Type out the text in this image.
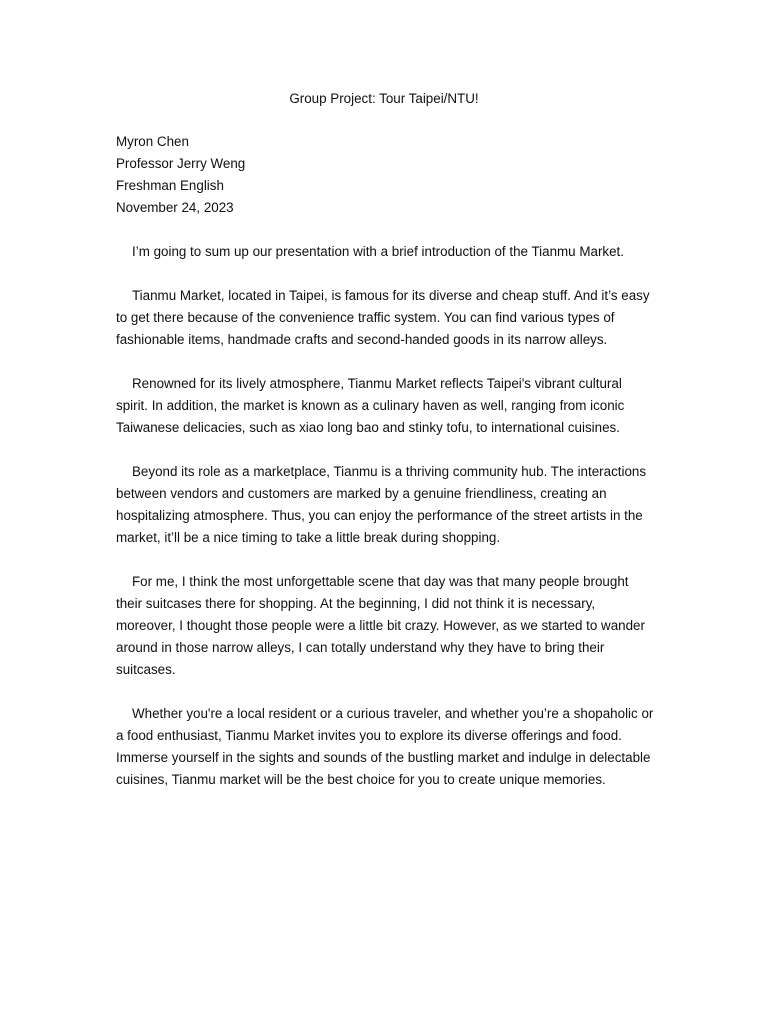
Group Project: Tour Taipei/NTU!
Myron Chen
Professor Jerry Weng
Freshman English
November 24, 2023

I’m going to sum up our presentation with a brief introduction of the Tianmu Market.

Tianmu Market, located in Taipei, is famous for its diverse and cheap stuff. And it’s easy to get there because of the convenience traffic system. You can find various types of fashionable items, handmade crafts and second-handed goods in its narrow alleys.

Renowned for its lively atmosphere, Tianmu Market reflects Taipei's vibrant cultural spirit. In addition, the market is known as a culinary haven as well, ranging from iconic Taiwanese delicacies, such as xiao long bao and stinky tofu, to international cuisines.

Beyond its role as a marketplace, Tianmu is a thriving community hub. The interactions between vendors and customers are marked by a genuine friendliness, creating an hospitalizing atmosphere. Thus, you can enjoy the performance of the street artists in the market, it’ll be a nice timing to take a little break during shopping.

For me, I think the most unforgettable scene that day was that many people brought their suitcases there for shopping. At the beginning, I did not think it is necessary, moreover, I thought those people were a little bit crazy. However, as we started to wander around in those narrow alleys, I can totally understand why they have to bring their suitcases.

Whether you're a local resident or a curious traveler, and whether you’re a shopaholic or a food enthusiast, Tianmu Market invites you to explore its diverse offerings and food. Immerse yourself in the sights and sounds of the bustling market and indulge in delectable cuisines, Tianmu market will be the best choice for you to create unique memories.
